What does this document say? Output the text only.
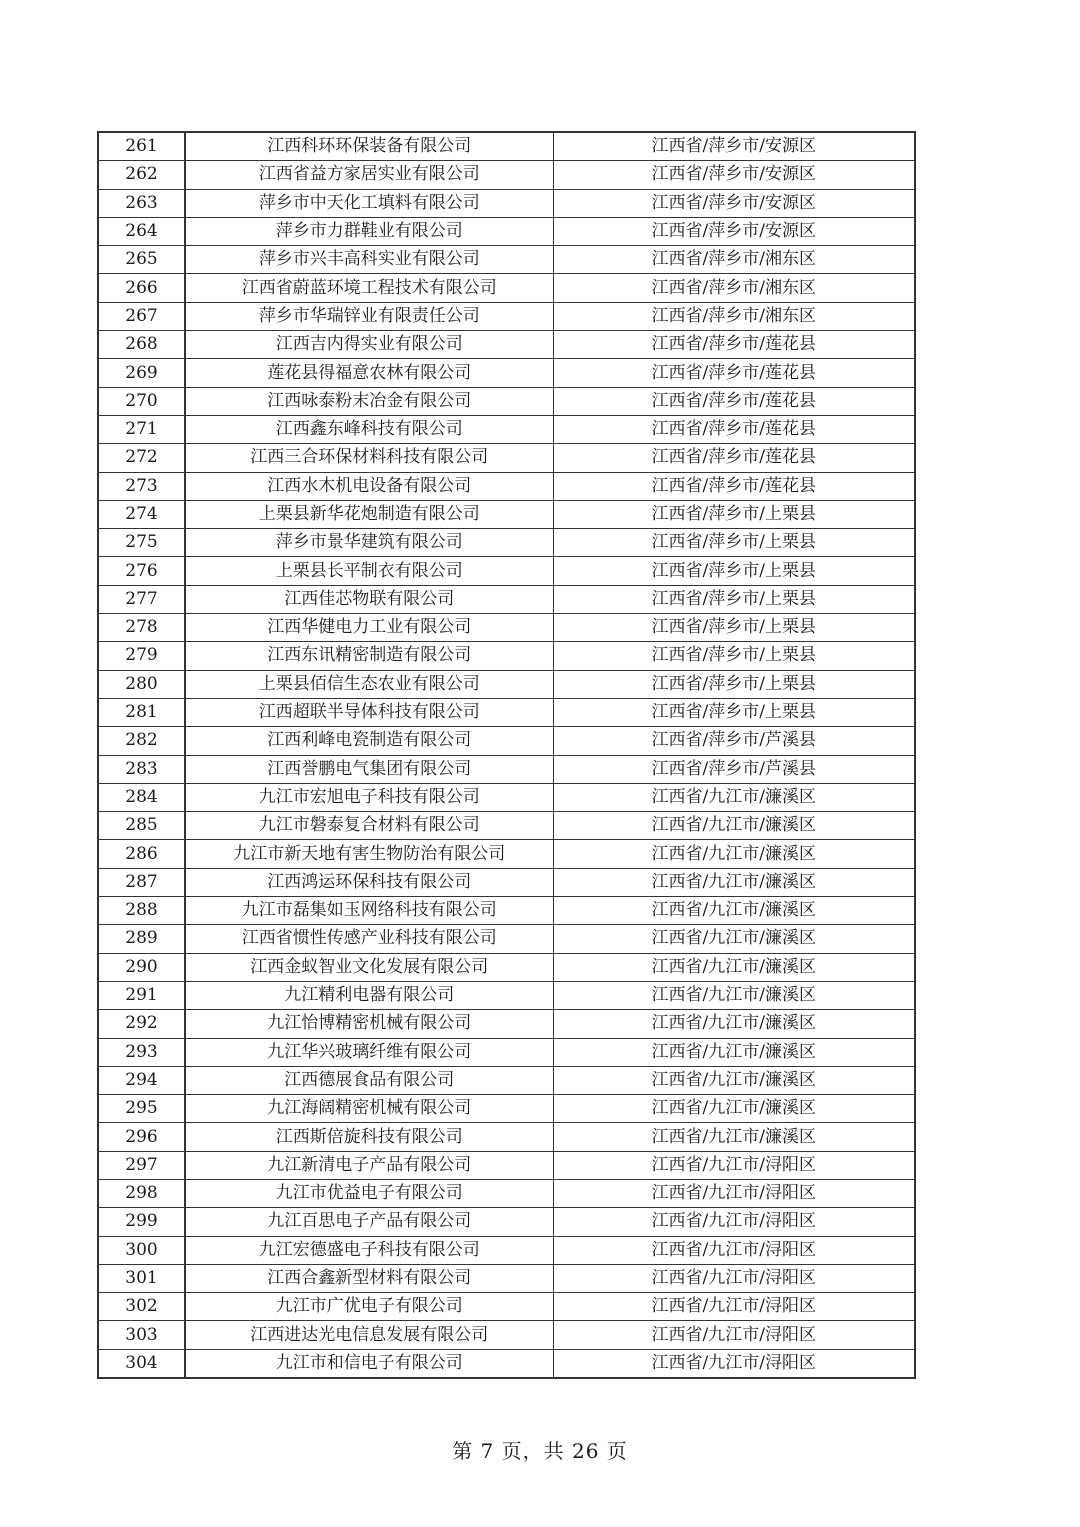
261	江西科环环保装备有限公司	江西省/萍乡市/安源区
262	江西省益方家居实业有限公司	江西省/萍乡市/安源区
263	萍乡市中天化工填料有限公司	江西省/萍乡市/安源区
264	萍乡市力群鞋业有限公司	江西省/萍乡市/安源区
265	萍乡市兴丰高科实业有限公司	江西省/萍乡市/湘东区
266	江西省蔚蓝环境工程技术有限公司	江西省/萍乡市/湘东区
267	萍乡市华瑞锌业有限责任公司	江西省/萍乡市/湘东区
268	江西吉内得实业有限公司	江西省/萍乡市/莲花县
269	莲花县得福意农林有限公司	江西省/萍乡市/莲花县
270	江西咏泰粉末冶金有限公司	江西省/萍乡市/莲花县
271	江西鑫东峰科技有限公司	江西省/萍乡市/莲花县
272	江西三合环保材料科技有限公司	江西省/萍乡市/莲花县
273	江西水木机电设备有限公司	江西省/萍乡市/莲花县
274	上栗县新华花炮制造有限公司	江西省/萍乡市/上栗县
275	萍乡市景华建筑有限公司	江西省/萍乡市/上栗县
276	上栗县长平制衣有限公司	江西省/萍乡市/上栗县
277	江西佳芯物联有限公司	江西省/萍乡市/上栗县
278	江西华健电力工业有限公司	江西省/萍乡市/上栗县
279	江西东讯精密制造有限公司	江西省/萍乡市/上栗县
280	上栗县佰信生态农业有限公司	江西省/萍乡市/上栗县
281	江西超联半导体科技有限公司	江西省/萍乡市/上栗县
282	江西利峰电瓷制造有限公司	江西省/萍乡市/芦溪县
283	江西誉鹏电气集团有限公司	江西省/萍乡市/芦溪县
284	九江市宏旭电子科技有限公司	江西省/九江市/濂溪区
285	九江市磐泰复合材料有限公司	江西省/九江市/濂溪区
286	九江市新天地有害生物防治有限公司	江西省/九江市/濂溪区
287	江西鸿运环保科技有限公司	江西省/九江市/濂溪区
288	九江市磊集如玉网络科技有限公司	江西省/九江市/濂溪区
289	江西省惯性传感产业科技有限公司	江西省/九江市/濂溪区
290	江西金蚁智业文化发展有限公司	江西省/九江市/濂溪区
291	九江精利电器有限公司	江西省/九江市/濂溪区
292	九江怡博精密机械有限公司	江西省/九江市/濂溪区
293	九江华兴玻璃纤维有限公司	江西省/九江市/濂溪区
294	江西德展食品有限公司	江西省/九江市/濂溪区
295	九江海阔精密机械有限公司	江西省/九江市/濂溪区
296	江西斯倍旋科技有限公司	江西省/九江市/濂溪区
297	九江新清电子产品有限公司	江西省/九江市/浔阳区
298	九江市优益电子有限公司	江西省/九江市/浔阳区
299	九江百思电子产品有限公司	江西省/九江市/浔阳区
300	九江宏德盛电子科技有限公司	江西省/九江市/浔阳区
301	江西合鑫新型材料有限公司	江西省/九江市/浔阳区
302	九江市广优电子有限公司	江西省/九江市/浔阳区
303	江西进达光电信息发展有限公司	江西省/九江市/浔阳区
304	九江市和信电子有限公司	江西省/九江市/浔阳区
第 7 页，共 26 页
